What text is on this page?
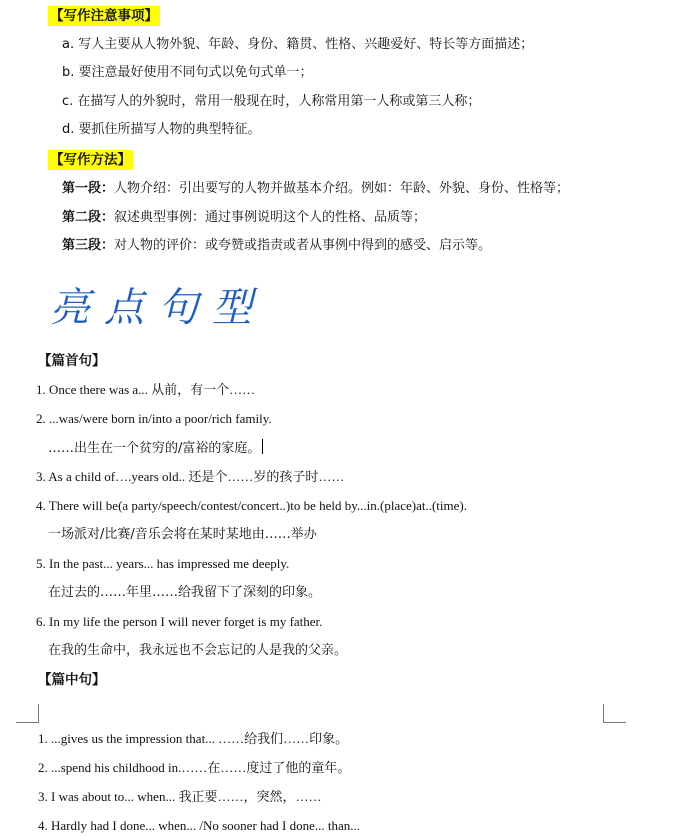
【写作注意事项】
a. 写人主要从人物外貌、年龄、身份、籍贯、性格、兴趣爱好、特长等方面描述；
b. 要注意最好使用不同句式以免句式单一；
c. 在描写人的外貌时，常用一般现在时，人称常用第一人称或第三人称；
d. 要抓住所描写人物的典型特征。
【写作方法】
第一段：人物介绍：引出要写的人物并做基本介绍。例如：年龄、外貌、身份、性格等；
第二段：叙述典型事例：通过事例说明这个人的性格、品质等；
第三段：对人物的评价：或夸赞或指责或者从事例中得到的感受、启示等。
亮点句型
【篇首句】
1. Once there was a... 从前，有一个……
2. ...was/were born in/into a poor/rich family.
……出生在一个贫穷的/富裕的家庭。
3. As a child of….years old.. 还是个……岁的孩子时……
4. There will be(a party/speech/contest/concert..)to be held by...in.(place)at..(time).
一场派对/比赛/音乐会将在某时某地由……举办
5. In the past... years... has impressed me deeply.
在过去的……年里……给我留下了深刻的印象。
6. In my life the person I will never forget is my father.
在我的生命中，我永远也不会忘记的人是我的父亲。
【篇中句】
1. ...gives us the impression that... ……给我们……印象。
2. ...spend his childhood in.……在……度过了他的童年。
3. I was about to... when... 我正要……，突然，……
4. Hardly had I done... when... /No sooner had I done... than...
